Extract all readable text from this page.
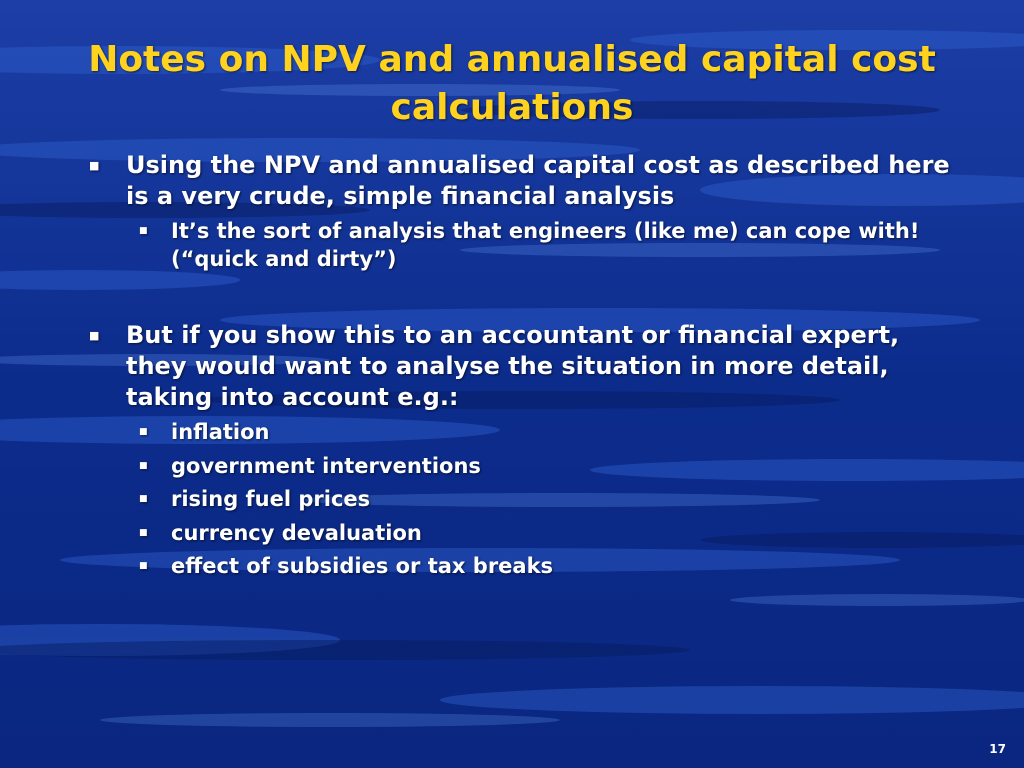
Notes on NPV and annualised capital cost calculations
■ Using the NPV and annualised capital cost as described here is a very crude, simple financial analysis
■ It’s the sort of analysis that engineers (like me) can cope with! (“quick and dirty”)
■ But if you show this to an accountant or financial expert, they would want to analyse the situation in more detail, taking into account e.g.:
■ inflation
■ government interventions
■ rising fuel prices
■ currency devaluation
■ effect of subsidies or tax breaks
17
